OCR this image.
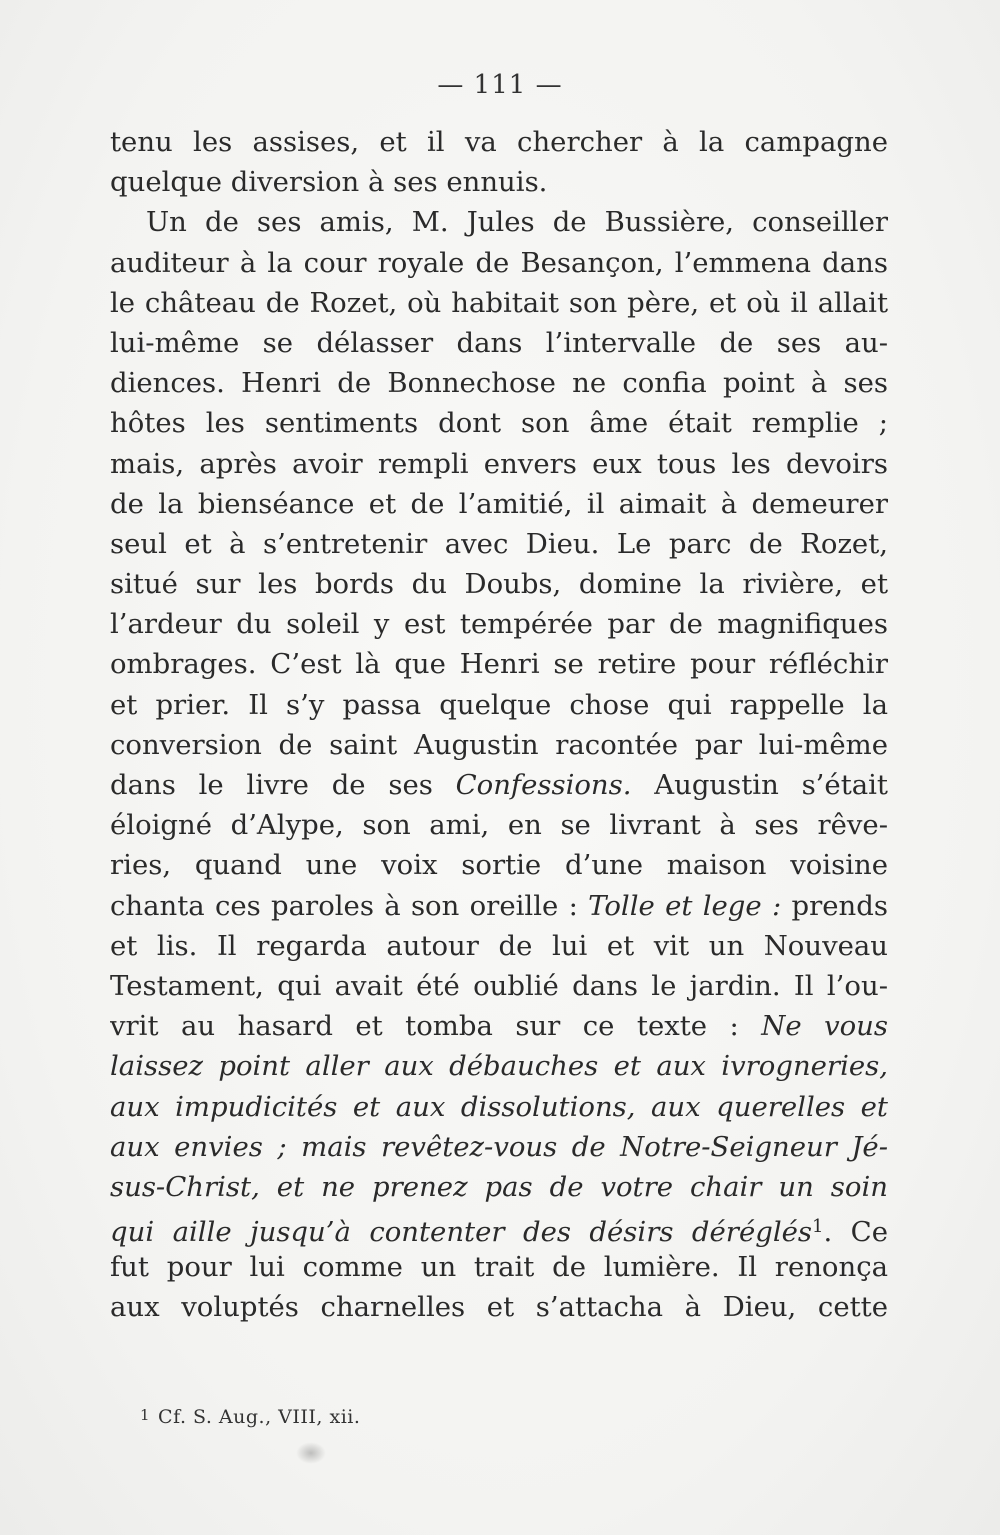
— 111 —
tenu les assises, et il va chercher à la campagne
quelque diversion à ses ennuis.
Un de ses amis, M. Jules de Bussière, conseiller
auditeur à la cour royale de Besançon, l’emmena dans
le château de Rozet, où habitait son père, et où il allait
lui-même se délasser dans l’intervalle de ses au-
diences. Henri de Bonnechose ne confia point à ses
hôtes les sentiments dont son âme était remplie ;
mais, après avoir rempli envers eux tous les devoirs
de la bienséance et de l’amitié, il aimait à demeurer
seul et à s’entretenir avec Dieu. Le parc de Rozet,
situé sur les bords du Doubs, domine la rivière, et
l’ardeur du soleil y est tempérée par de magnifiques
ombrages. C’est là que Henri se retire pour réfléchir
et prier. Il s’y passa quelque chose qui rappelle la
conversion de saint Augustin racontée par lui-même
dans le livre de ses Confessions. Augustin s’était
éloigné d’Alype, son ami, en se livrant à ses rêve-
ries, quand une voix sortie d’une maison voisine
chanta ces paroles à son oreille : Tolle et lege : prends
et lis. Il regarda autour de lui et vit un Nouveau
Testament, qui avait été oublié dans le jardin. Il l’ou-
vrit au hasard et tomba sur ce texte : Ne vous
laissez point aller aux débauches et aux ivrogneries,
aux impudicités et aux dissolutions, aux querelles et
aux envies ; mais revêtez-vous de Notre-Seigneur Jé-
sus-Christ, et ne prenez pas de votre chair un soin
qui aille jusqu’à contenter des désirs déréglés$^1$. Ce
fut pour lui comme un trait de lumière. Il renonça
aux voluptés charnelles et s’attacha à Dieu, cette
1 Cf. S. Aug., VIII, xii.
